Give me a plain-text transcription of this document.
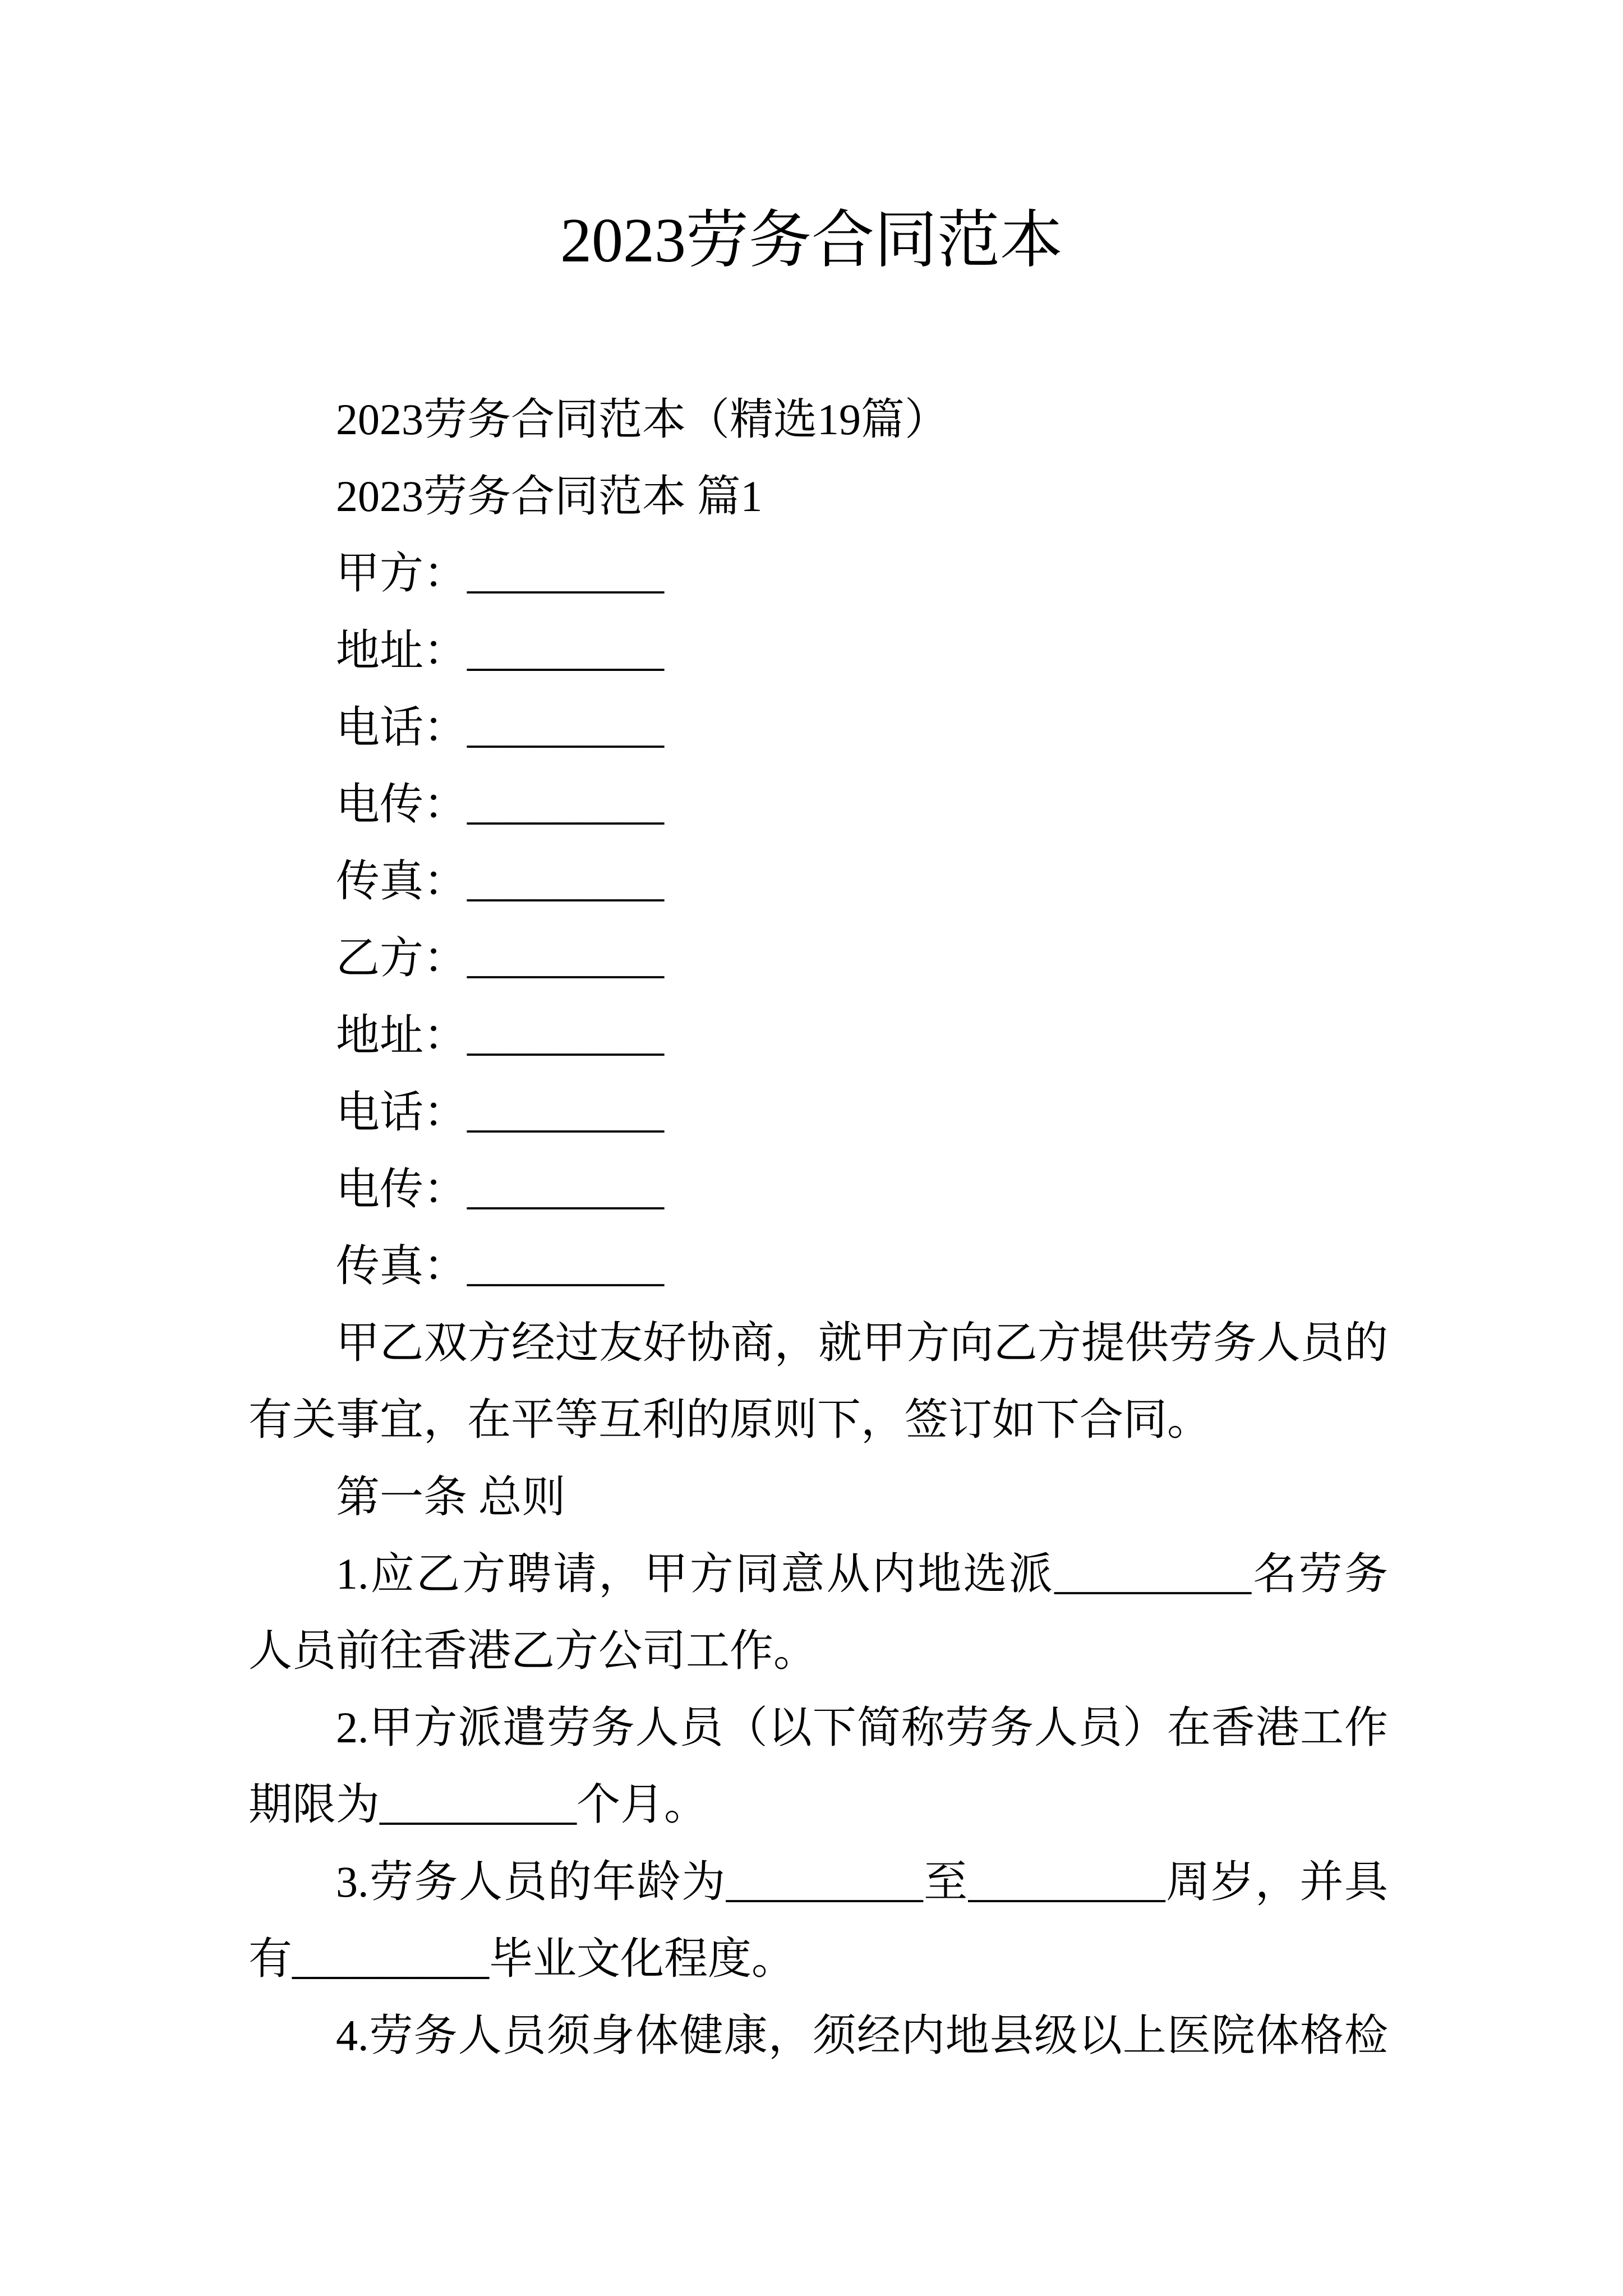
2023劳务合同范本
2023劳务合同范本（精选19篇）
2023劳务合同范本 篇1
甲方：_________
地址：_________
电话：_________
电传：_________
传真：_________
乙方：_________
地址：_________
电话：_________
电传：_________
传真：_________
甲乙双方经过友好协商，就甲方向乙方提供劳务人员的
有关事宜，在平等互利的原则下，签订如下合同。
第一条 总则
1.应乙方聘请，甲方同意从内地选派_________名劳务
人员前往香港乙方公司工作。
2.甲方派遣劳务人员（以下简称劳务人员）在香港工作
期限为_________个月。
3.劳务人员的年龄为_________至_________周岁，并具
有_________毕业文化程度。
4.劳务人员须身体健康，须经内地县级以上医院体格检
